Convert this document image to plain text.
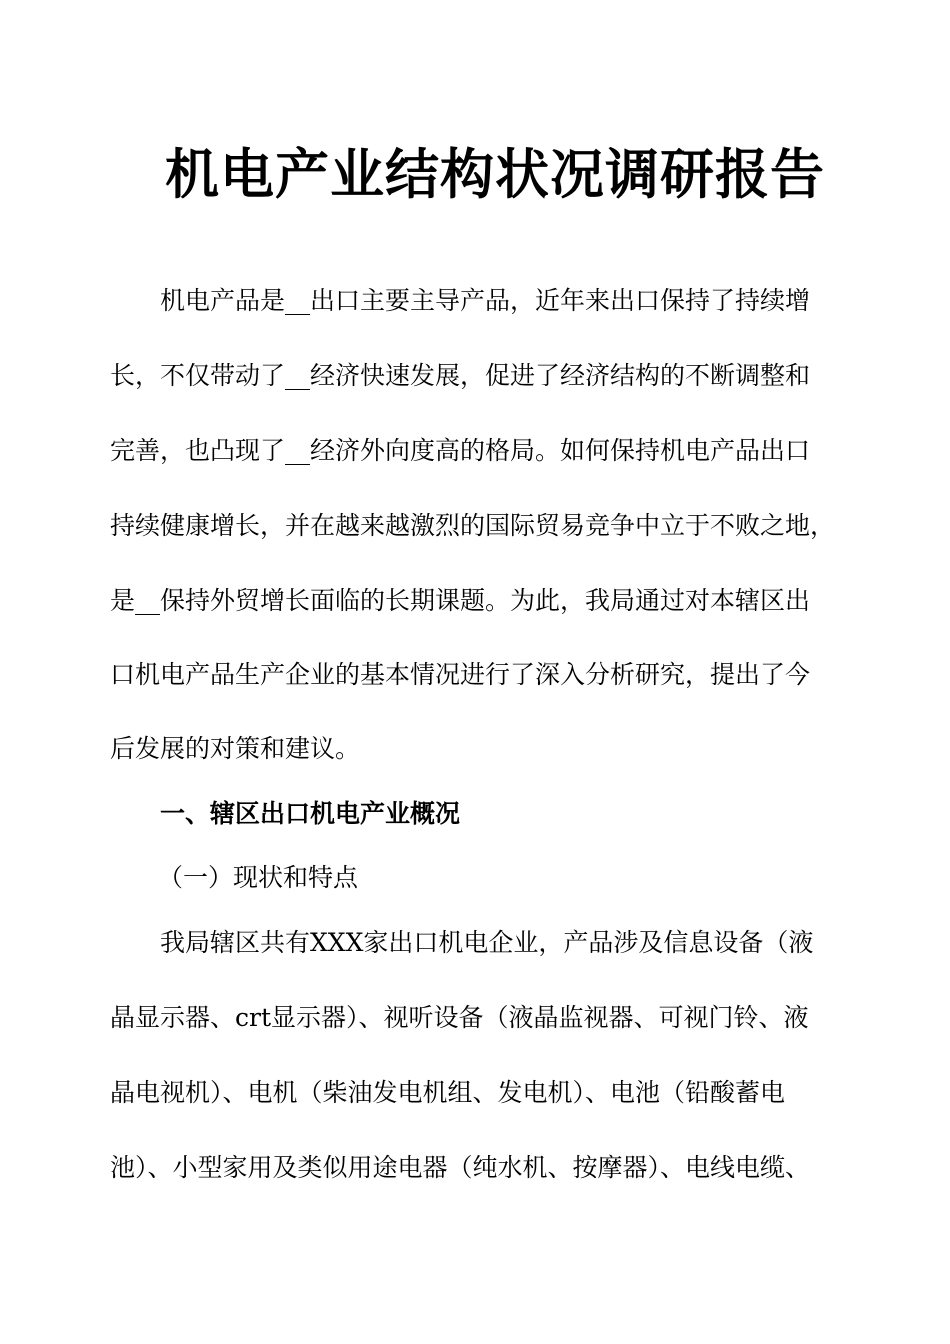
机电产业结构状况调研报告
机电产品是__出口主要主导产品，近年来出口保持了持续增
长，不仅带动了__经济快速发展，促进了经济结构的不断调整和
完善，也凸现了__经济外向度高的格局。如何保持机电产品出口
持续健康增长，并在越来越激烈的国际贸易竞争中立于不败之地，
是__保持外贸增长面临的长期课题。为此，我局通过对本辖区出
口机电产品生产企业的基本情况进行了深入分析研究，提出了今
后发展的对策和建议。
一、辖区出口机电产业概况
（一）现状和特点
我局辖区共有XXX家出口机电企业，产品涉及信息设备（液
晶显示器、crt显示器）、视听设备（液晶监视器、可视门铃、液
晶电视机）、电机（柴油发电机组、发电机）、电池（铅酸蓄电
池）、小型家用及类似用途电器（纯水机、按摩器）、电线电缆、
